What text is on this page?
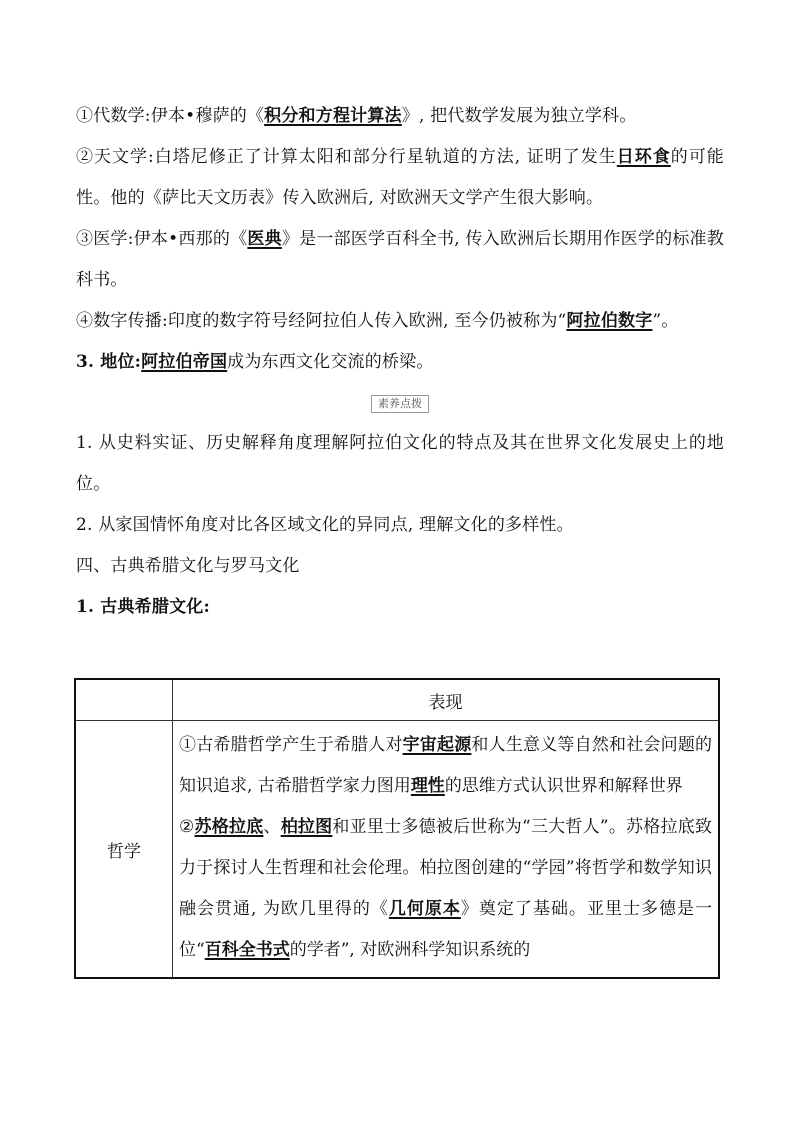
①代数学:伊本•穆萨的《积分和方程计算法》, 把代数学发展为独立学科。

②天文学:白塔尼修正了计算太阳和部分行星轨道的方法, 证明了发生日环食的可能性。他的《萨比天文历表》传入欧洲后, 对欧洲天文学产生很大影响。

③医学:伊本•西那的《医典》是一部医学百科全书, 传入欧洲后长期用作医学的标准教科书。

④数字传播:印度的数字符号经阿拉伯人传入欧洲, 至今仍被称为“阿拉伯数字”。

3. 地位:阿拉伯帝国成为东西文化交流的桥梁。

素养点拨

1. 从史料实证、历史解释角度理解阿拉伯文化的特点及其在世界文化发展史上的地位。

2. 从家国情怀角度对比各区域文化的异同点, 理解文化的多样性。

四、古典希腊文化与罗马文化

1. 古典希腊文化:

	表现
哲学	①古希腊哲学产生于希腊人对宇宙起源和人生意义等自然和社会问题的知识追求, 古希腊哲学家力图用理性的思维方式认识世界和解释世界
②苏格拉底、柏拉图和亚里士多德被后世称为“三大哲人”。苏格拉底致力于探讨人生哲理和社会伦理。柏拉图创建的“学园”将哲学和数学知识融会贯通, 为欧几里得的《几何原本》奠定了基础。亚里士多德是一位“百科全书式的学者”, 对欧洲科学知识系统的
